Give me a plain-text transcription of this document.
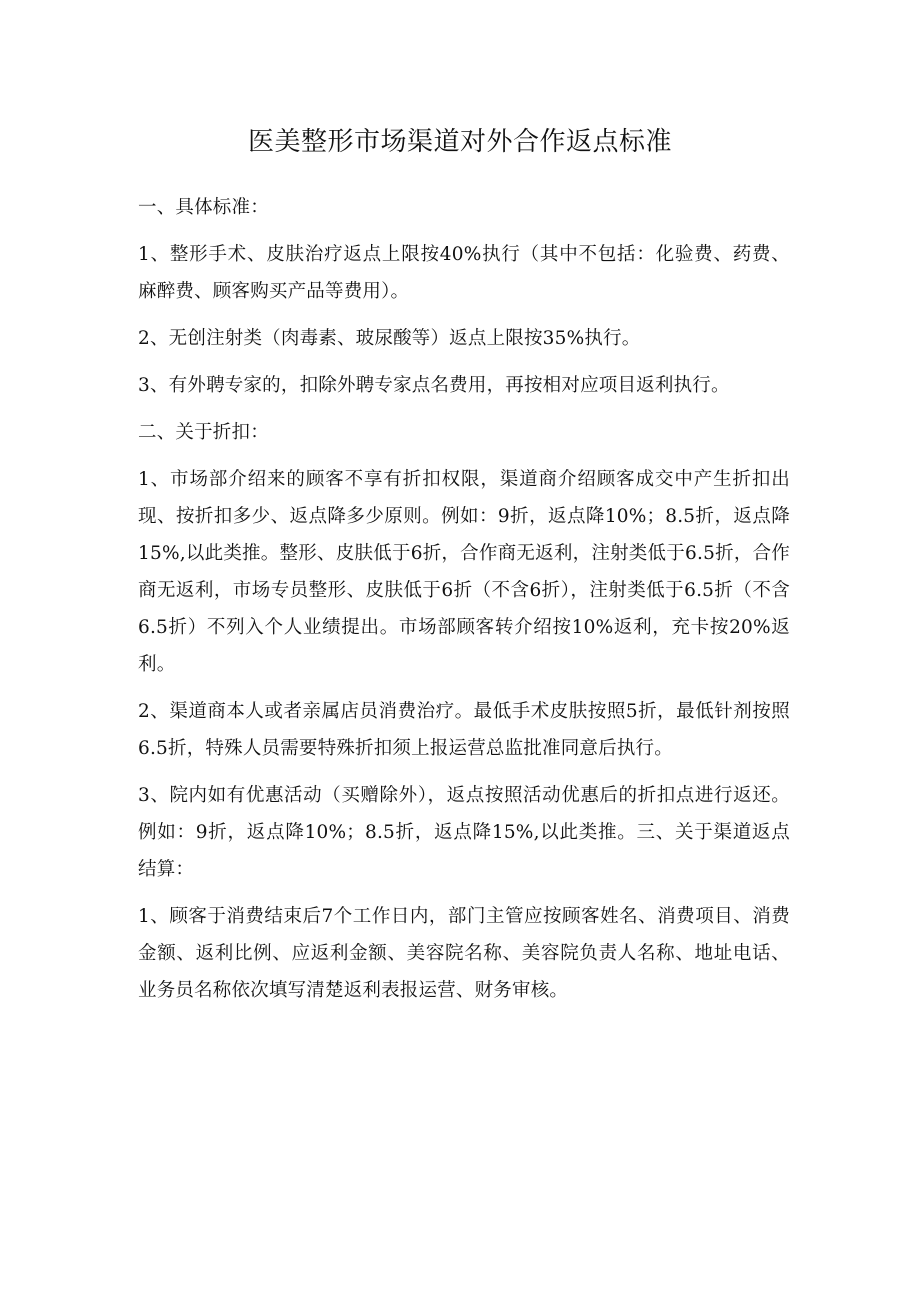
医美整形市场渠道对外合作返点标准

一、具体标准：

1、整形手术、皮肤治疗返点上限按40%执行（其中不包括：化验费、药费、麻醉费、顾客购买产品等费用）。

2、无创注射类（肉毒素、玻尿酸等）返点上限按35%执行。

3、有外聘专家的，扣除外聘专家点名费用，再按相对应项目返利执行。

二、关于折扣：

1、市场部介绍来的顾客不享有折扣权限，渠道商介绍顾客成交中产生折扣出现、按折扣多少、返点降多少原则。例如：9折，返点降10%；8.5折，返点降15%,以此类推。整形、皮肤低于6折，合作商无返利，注射类低于6.5折，合作商无返利，市场专员整形、皮肤低于6折（不含6折），注射类低于6.5折（不含6.5折）不列入个人业绩提出。市场部顾客转介绍按10%返利，充卡按20%返利。

2、渠道商本人或者亲属店员消费治疗。最低手术皮肤按照5折，最低针剂按照6.5折，特殊人员需要特殊折扣须上报运营总监批准同意后执行。

3、院内如有优惠活动（买赠除外），返点按照活动优惠后的折扣点进行返还。例如：9折，返点降10%；8.5折，返点降15%,以此类推。三、关于渠道返点结算：

1、顾客于消费结束后7个工作日内，部门主管应按顾客姓名、消费项目、消费金额、返利比例、应返利金额、美容院名称、美容院负责人名称、地址电话、业务员名称依次填写清楚返利表报运营、财务审核。
